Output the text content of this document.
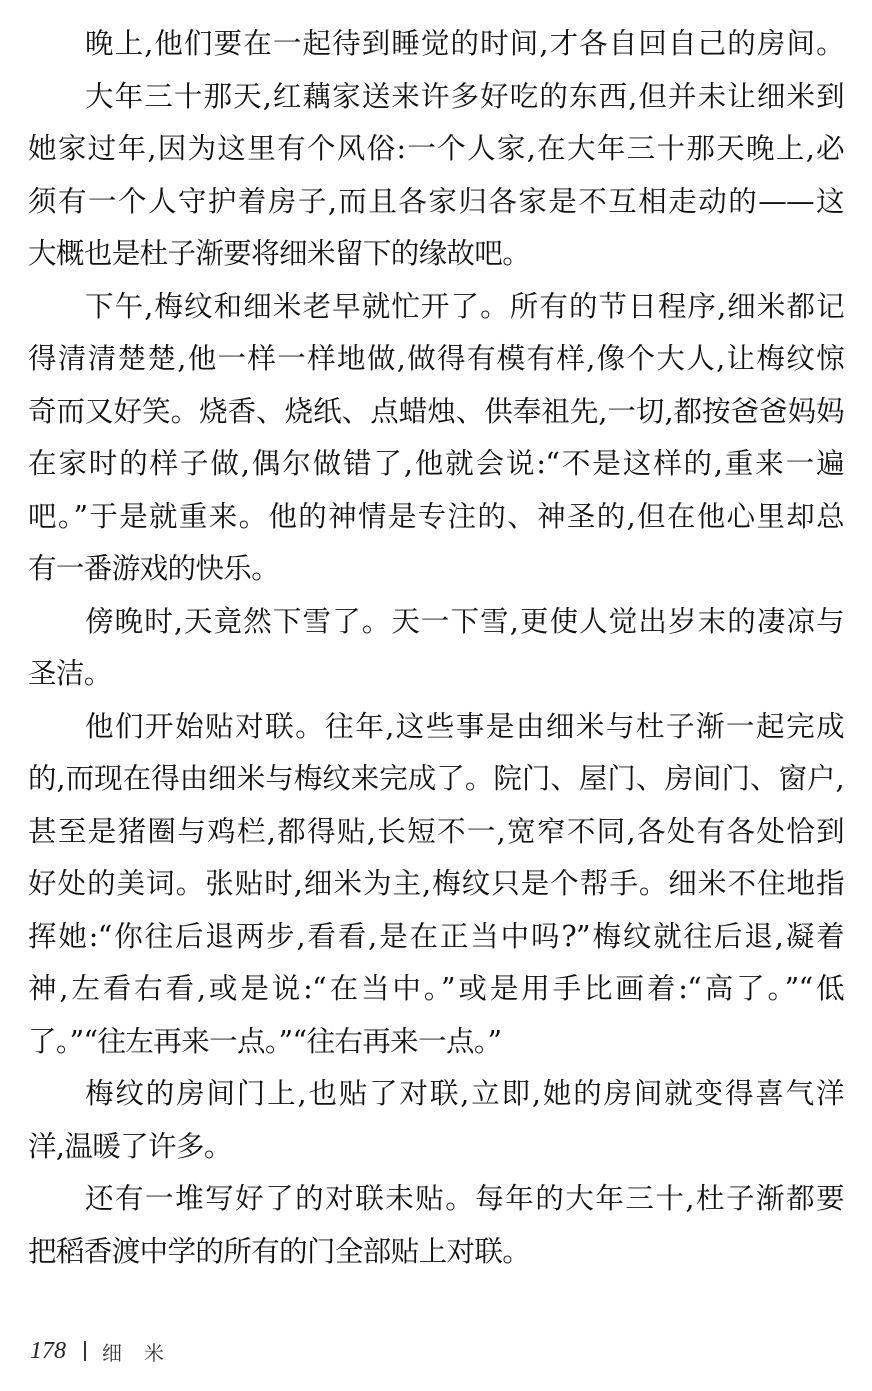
晚上,他们要在一起待到睡觉的时间,才各自回自己的房间。
大年三十那天,红藕家送来许多好吃的东西,但并未让细米到
她家过年,因为这里有个风俗:一个人家,在大年三十那天晚上,必
须有一个人守护着房子,而且各家归各家是不互相走动的——这
大概也是杜子渐要将细米留下的缘故吧。
下午,梅纹和细米老早就忙开了。所有的节日程序,细米都记
得清清楚楚,他一样一样地做,做得有模有样,像个大人,让梅纹惊
奇而又好笑。烧香、烧纸、点蜡烛、供奉祖先,一切,都按爸爸妈妈
在家时的样子做,偶尔做错了,他就会说:“不是这样的,重来一遍
吧。”于是就重来。他的神情是专注的、神圣的,但在他心里却总
有一番游戏的快乐。
傍晚时,天竟然下雪了。天一下雪,更使人觉出岁末的凄凉与
圣洁。
他们开始贴对联。往年,这些事是由细米与杜子渐一起完成
的,而现在得由细米与梅纹来完成了。院门、屋门、房间门、窗户,
甚至是猪圈与鸡栏,都得贴,长短不一,宽窄不同,各处有各处恰到
好处的美词。张贴时,细米为主,梅纹只是个帮手。细米不住地指
挥她:“你往后退两步,看看,是在正当中吗?”梅纹就往后退,凝着
神,左看右看,或是说:“在当中。”或是用手比画着:“高了。”“低
了。”“往左再来一点。”“往右再来一点。”
梅纹的房间门上,也贴了对联,立即,她的房间就变得喜气洋
洋,温暖了许多。
还有一堆写好了的对联未贴。每年的大年三十,杜子渐都要
把稻香渡中学的所有的门全部贴上对联。
178 细米
